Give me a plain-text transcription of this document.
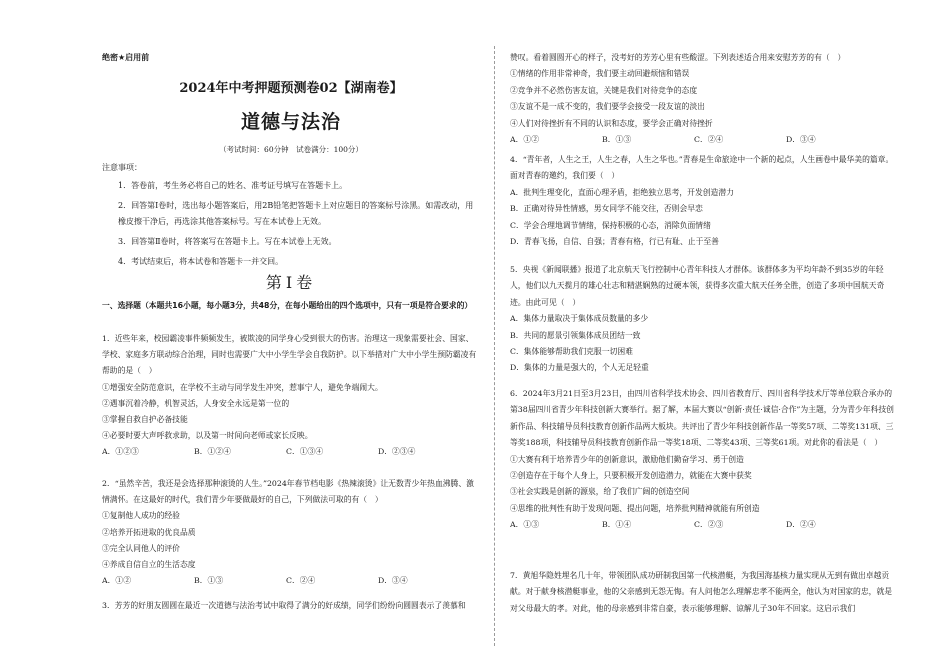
绝密★启用前
2024年中考押题预测卷02【湖南卷】
道德与法治
（考试时间：60分钟　试卷满分：100分）
注意事项：
1．答卷前，考生务必将自己的姓名、准考证号填写在答题卡上。
2．回答第Ⅰ卷时，选出每小题答案后，用2B铅笔把答题卡上对应题目的答案标号涂黑。如需改动，用橡皮擦干净后，再选涂其他答案标号。写在本试卷上无效。
3．回答第Ⅱ卷时，将答案写在答题卡上。写在本试卷上无效。
4．考试结束后，将本试卷和答题卡一并交回。
第Ⅰ卷
一、选择题（本题共16小题，每小题3分，共48分，在每小题给出的四个选项中，只有一项是符合要求的）

1．近些年来，校园霸凌事件频频发生，被欺凌的同学身心受到很大的伤害。治理这一现象需要社会、国家、学校、家庭多方联动综合治理，同时也需要广大中小学生学会自我防护。以下举措对广大中小学生预防霸凌有帮助的是（　）

①增强安全防范意识，在学校不主动与同学发生冲突，惹事宁人，避免争端闹大。

②遇事沉着冷静，机智灵活，人身安全永远是第一位的

③掌握自救自护必备技能

④必要时要大声呼救求助，以及第一时间向老师或家长反映。

A．①②③	B．①②④	C．①③④	D．②③④

2．“虽然辛苦，我还是会选择那种滚烫的人生。”2024年春节档电影《热辣滚烫》让无数青少年热血沸腾、激情满怀。在这最好的时代，我们青少年要做最好的自己，下列做法可取的有（　）

①复制他人成功的经验

②培养开拓进取的优良品质

③完全认同他人的评价

④养成自信自立的生活态度

A．①②	B．①③	C．②④	D．③④

3．芳芳的好朋友圆圆在最近一次道德与法治考试中取得了满分的好成绩，同学们纷纷向圆圆表示了羡慕和

赞叹。看着圆圆开心的样子，没考好的芳芳心里有些酸涩。下列表述适合用来安慰芳芳的有（　）

①情绪的作用非常神奇，我们要主动回避烦恼和错误

②竞争并不必然伤害友谊，关键是我们对待竞争的态度

③友谊不是一成不变的，我们要学会接受一段友谊的淡出

④人们对待挫折有不同的认识和态度，要学会正确对待挫折

A．①②	B．①③	C．②④	D．③④

4．“青年者，人生之王，人生之春，人生之华也。”青春是生命旅途中一个新的起点，人生画卷中最华美的篇章。面对青春的邀约，我们要（　）

A．批判生理变化，直面心理矛盾，拒绝独立思考，开发创造潜力

B．正确对待异性情感，男女同学不能交往，否则会早恋

C．学会合理地调节情绪，保持积极的心态，消除负面情绪

D．青春飞扬，自信、自强；青春有格，行已有耻、止于至善

5．央视《新闻联播》报道了北京航天飞行控制中心青年科技人才群体。该群体多为平均年龄不到35岁的年轻人，他们以九天揽月的雄心壮志和精湛娴熟的过硬本领，获得多次重大航天任务全胜，创造了多项中国航天奇迹。由此可见（　）

A．集体力量取决于集体成员数量的多少

B．共同的愿景引领集体成员团结一致

C．集体能够帮助我们克服一切困难

D．集体的力量是强大的，个人无足轻重

6．2024年3月21日至3月23日，由四川省科学技术协会、四川省教育厅、四川省科学技术厅等单位联合承办的第38届四川省青少年科技创新大赛举行。据了解，本届大赛以“创新·责任·诚信·合作”为主题，分为青少年科技创新作品、科技辅导员科技教育创新作品两大板块。共评出了青少年科技创新作品一等奖57项、二等奖131项、三等奖188项，科技辅导员科技教育创新作品一等奖18项、二等奖43项、三等奖61项。对此你的看法是（　）

①大赛有利于培养青少年的创新意识，激励他们勤奋学习、勇于创造

②创造存在于每个人身上，只要积极开发创造潜力，就能在大赛中获奖

③社会实践是创新的源泉，给了我们广阔的创造空间

④思维的批判性有助于发现问题、提出问题，培养批判精神就能有所创造

A．①③	B．①④	C．②③	D．②④

7．黄旭华隐姓埋名几十年，带领团队成功研制我国第一代核潜艇，为我国海基核力量实现从无到有做出卓越贡献。对于献身核潜艇事业，他的父亲感到无怨无悔。有人问他怎么理解忠孝不能两全，他认为对国家的忠，就是对父母最大的孝。对此，他的母亲感到非常自豪，表示能够理解、谅解儿子30年不回家。这启示我们
